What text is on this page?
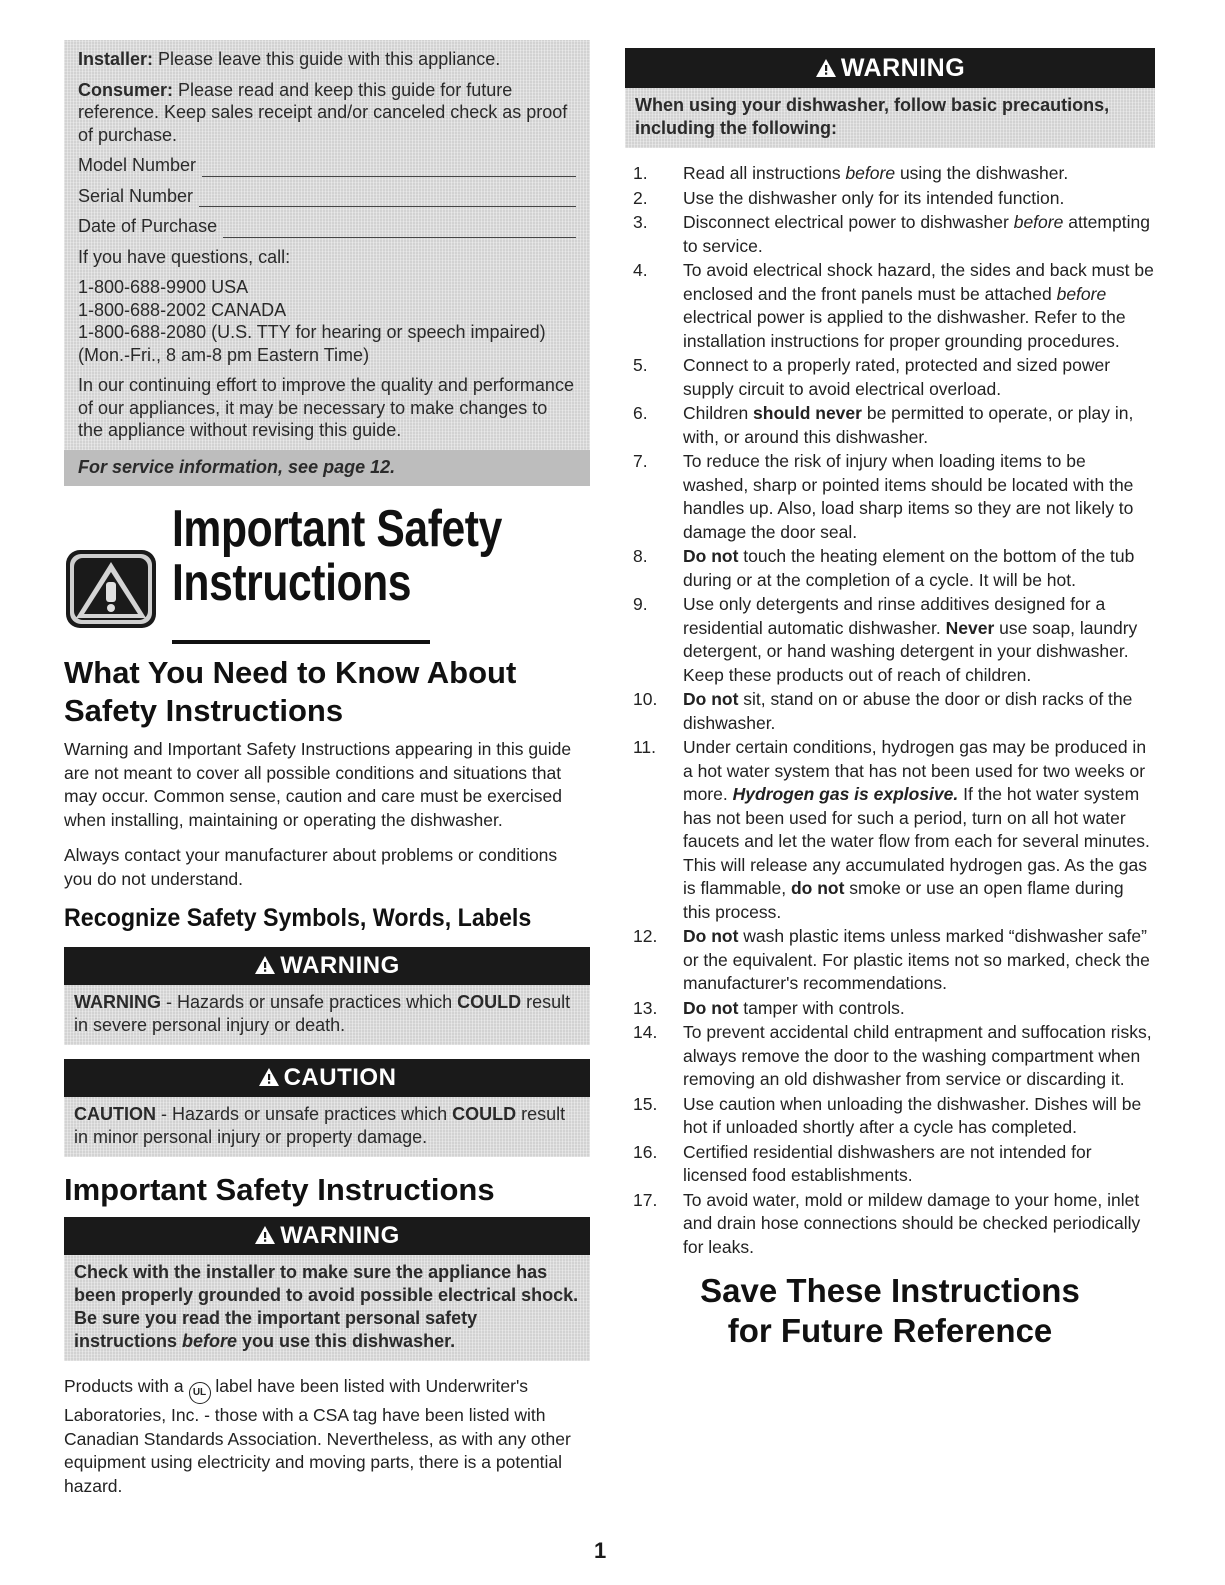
Installer: Please leave this guide with this appliance.

Consumer: Please read and keep this guide for future reference. Keep sales receipt and/or canceled check as proof of purchase.

Model Number
Serial Number
Date of Purchase

If you have questions, call:

1-800-688-9900 USA

1-800-688-2002 CANADA

1-800-688-2080 (U.S. TTY for hearing or speech impaired) (Mon.-Fri., 8 am-8 pm Eastern Time)

In our continuing effort to improve the quality and performance of our appliances, it may be necessary to make changes to the appliance without revising this guide.

For service information, see page 12.
Important Safety
Instructions
What You Need to Know About Safety Instructions

Warning and Important Safety Instructions appearing in this guide are not meant to cover all possible conditions and situations that may occur. Common sense, caution and care must be exercised when installing, maintaining or operating the dishwasher.

Always contact your manufacturer about problems or conditions you do not understand.

Recognize Safety Symbols, Words, Labels
WARNING
WARNING - Hazards or unsafe practices which COULD result in severe personal injury or death.
CAUTION
CAUTION - Hazards or unsafe practices which COULD result in minor personal injury or property damage.
Important Safety Instructions
WARNING
Check with the installer to make sure the appliance has been properly grounded to avoid possible electrical shock. Be sure you read the important personal safety instructions before you use this dishwasher.

Products with a UL label have been listed with Underwriter's Laboratories, Inc. - those with a CSA tag have been listed with Canadian Standards Association. Nevertheless, as with any other equipment using electricity and moving parts, there is a potential hazard.

WARNING
When using your dishwasher, follow basic precautions, including the following:
1.	Read all instructions before using the dishwasher.
2.	Use the dishwasher only for its intended function.
3.	Disconnect electrical power to dishwasher before attempting to service.
4.	To avoid electrical shock hazard, the sides and back must be enclosed and the front panels must be attached before electrical power is applied to the dishwasher. Refer to the installation instructions for proper grounding procedures.
5.	Connect to a properly rated, protected and sized power supply circuit to avoid electrical overload.
6.	Children should never be permitted to operate, or play in, with, or around this dishwasher.
7.	To reduce the risk of injury when loading items to be washed, sharp or pointed items should be located with the handles up. Also, load sharp items so they are not likely to damage the door seal.
8.	Do not touch the heating element on the bottom of the tub during or at the completion of a cycle. It will be hot.
9.	Use only detergents and rinse additives designed for a residential automatic dishwasher. Never use soap, laundry detergent, or hand washing detergent in your dishwasher. Keep these products out of reach of children.
10.	Do not sit, stand on or abuse the door or dish racks of the dishwasher.
11.	Under certain conditions, hydrogen gas may be produced in a hot water system that has not been used for two weeks or more. Hydrogen gas is explosive. If the hot water system has not been used for such a period, turn on all hot water faucets and let the water flow from each for several minutes. This will release any accumulated hydrogen gas. As the gas is flammable, do not smoke or use an open flame during this process.
12.	Do not wash plastic items unless marked “dishwasher safe” or the equivalent. For plastic items not so marked, check the manufacturer's recommendations.
13.	Do not tamper with controls.
14.	To prevent accidental child entrapment and suffocation risks, always remove the door to the washing compartment when removing an old dishwasher from service or discarding it.
15.	Use caution when unloading the dishwasher. Dishes will be hot if unloaded shortly after a cycle has completed.
16.	Certified residential dishwashers are not intended for licensed food establishments.
17.	To avoid water, mold or mildew damage to your home, inlet and drain hose connections should be checked periodically for leaks.
Save These Instructions
for Future Reference
1
